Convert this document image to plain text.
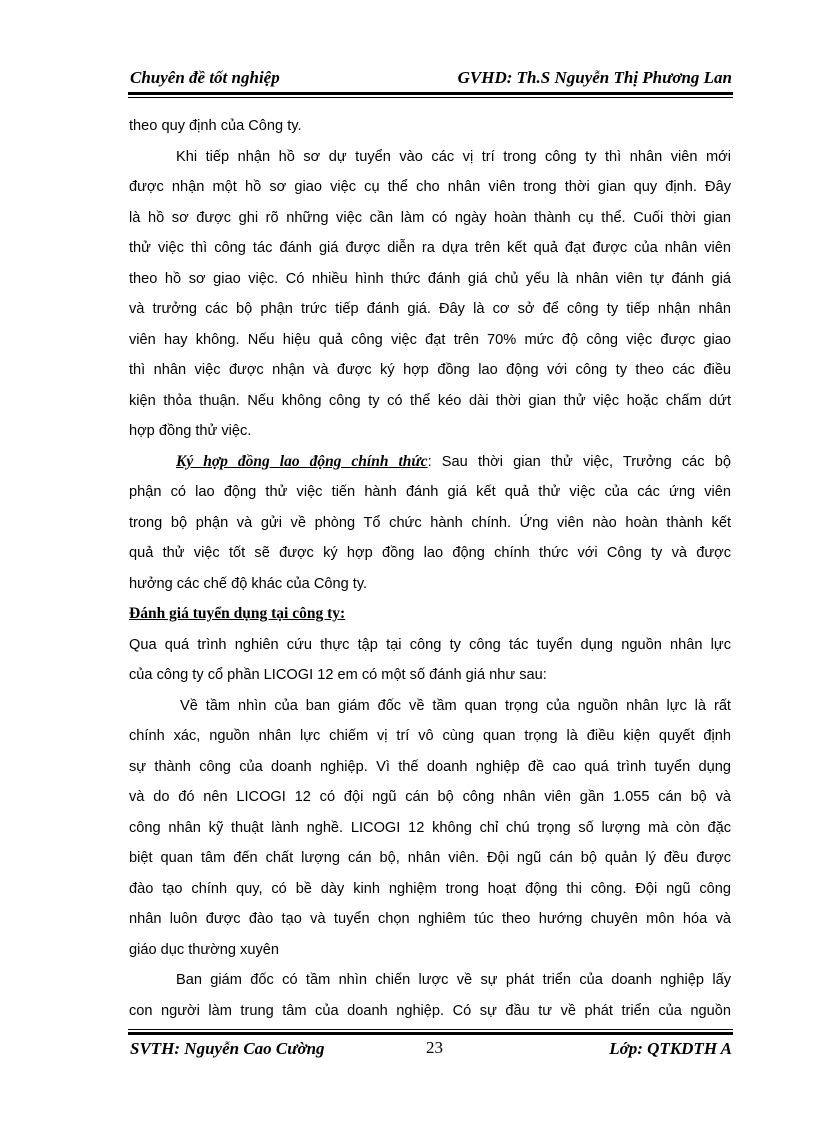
Chuyên đề tốt nghiệp	GVHD: Th.S Nguyễn Thị Phương Lan
theo quy định của Công ty.
Khi tiếp nhận hồ sơ dự tuyển vào các vị trí trong công ty thì nhân viên mới
được nhận một hồ sơ giao việc cụ thể cho nhân viên trong thời gian quy định. Đây
là hồ sơ được ghi rõ những việc cần làm có ngày hoàn thành cụ thể. Cuối thời gian
thử việc thì công tác đánh giá được diễn ra dựa trên kết quả đạt được của nhân viên
theo hồ sơ giao việc. Có nhiều hình thức đánh giá chủ yếu là nhân viên tự đánh giá
và trưởng các bộ phận trức tiếp đánh giá. Đây là cơ sở để công ty tiếp nhận nhân
viên hay không. Nếu hiệu quả công việc đạt trên 70% mức độ công việc được giao
thì nhân việc được nhận và được ký hợp đồng lao động với công ty theo các điều
kiện thỏa thuận. Nếu không công ty có thể kéo dài thời gian thử việc hoặc chấm dứt
hợp đồng thử việc.
Ký hợp đồng lao động chính thức: Sau thời gian thử việc, Trưởng các bộ
phận có lao động thử việc tiến hành đánh giá kết quả thử việc của các ứng viên
trong bộ phận và gửi về phòng Tổ chức hành chính. Ứng viên nào hoàn thành kết
quả thử việc tốt sẽ được ký hợp đồng lao động chính thức với Công ty và được
hưởng các chế độ khác của Công ty.
Đánh giá tuyển dụng tại công ty:
Qua quá trình nghiên cứu thực tập tại công ty công tác tuyển dụng nguồn nhân lực
của công ty cổ phần LICOGI 12 em có một số đánh giá như sau:
Về tầm nhìn của ban giám đốc về tầm quan trọng của nguồn nhân lực là rất
chính xác, nguồn nhân lực chiếm vị trí vô cùng quan trọng là điều kiện quyết định
sự thành công của doanh nghiệp. Vì thế doanh nghiệp đề cao quá trình tuyển dụng
và do đó nên LICOGI 12 có đội ngũ cán bộ công nhân viên gần 1.055 cán bộ và
công nhân kỹ thuật lành nghề. LICOGI 12 không chỉ chú trọng số lượng mà còn đặc
biệt quan tâm đến chất lượng cán bộ, nhân viên. Đội ngũ cán bộ quản lý đều được
đào tạo chính quy, có bề dày kinh nghiệm trong hoạt động thi công. Đội ngũ công
nhân luôn được đào tạo và tuyển chọn nghiêm túc theo hướng chuyên môn hóa và
giáo dục thường xuyên
Ban giám đốc có tầm nhìn chiến lược về sự phát triển của doanh nghiệp lấy
con người làm trung tâm của doanh nghiệp. Có sự đầu tư về phát triển của nguồn
SVTH: Nguyễn Cao Cường	23	Lớp: QTKDTH A
